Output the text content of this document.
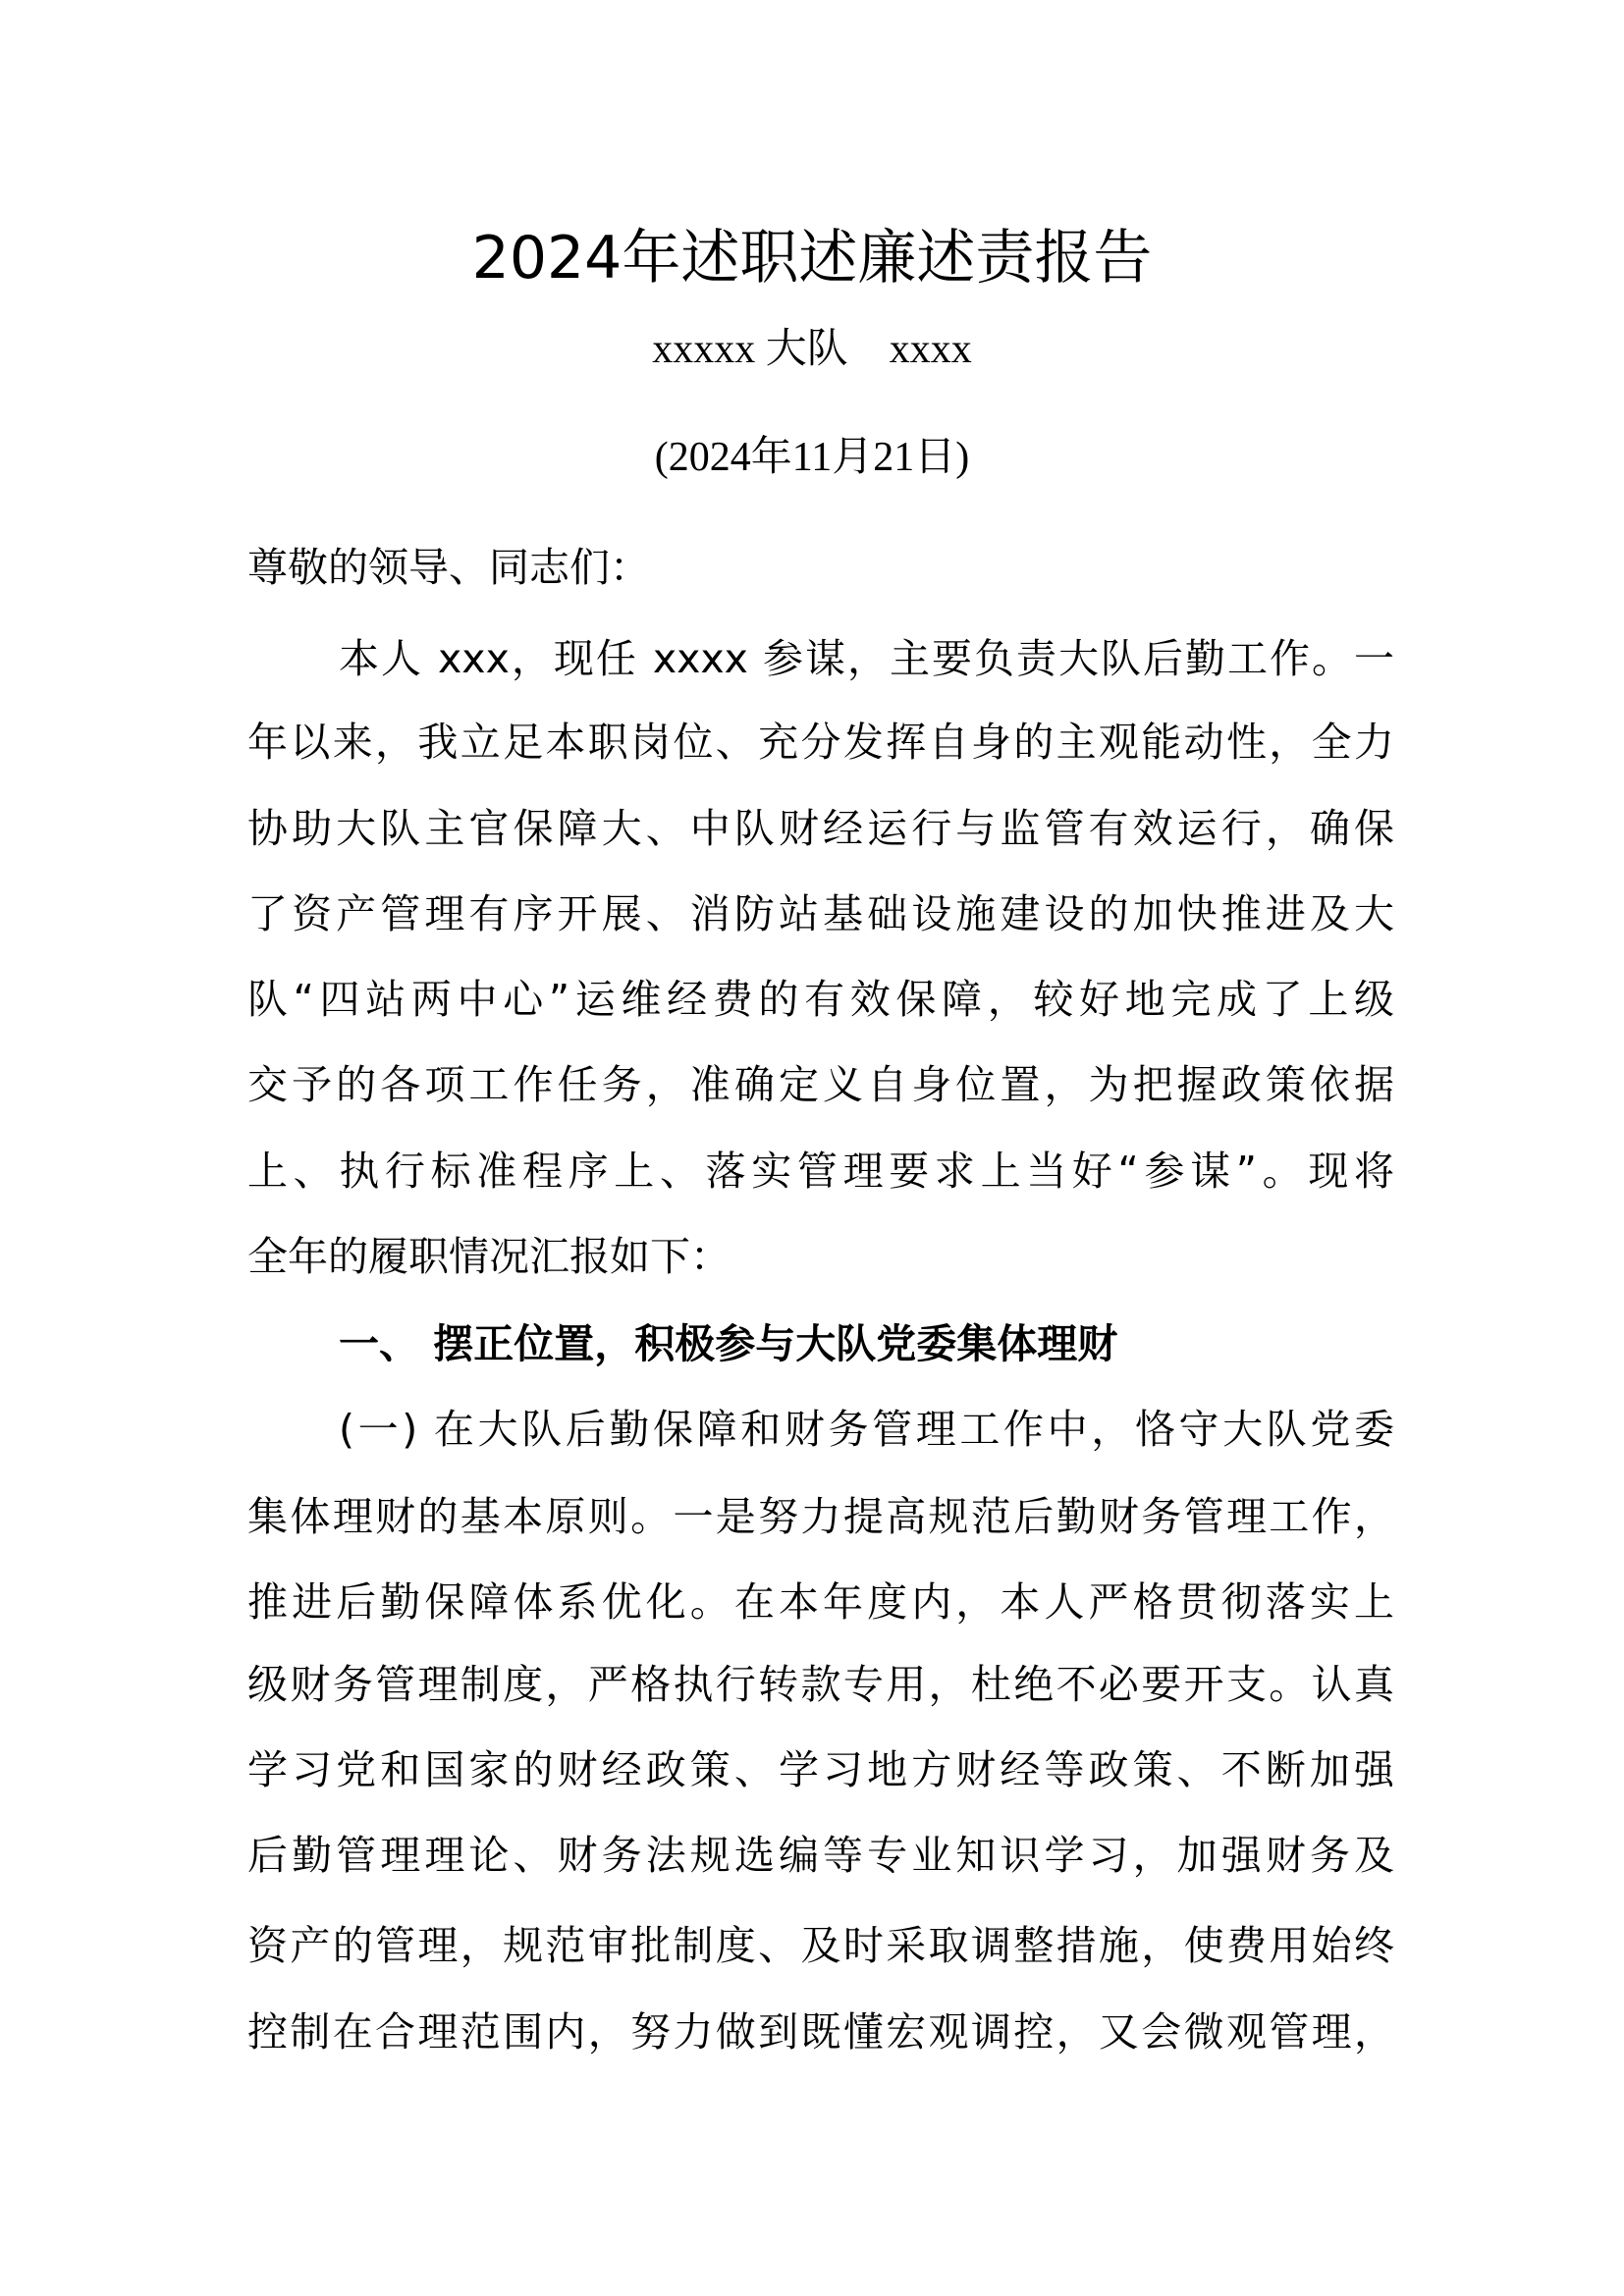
2024年述职述廉述责报告
xxxxx 大队　xxxx
(2024年11月21日)
尊敬的领导、同志们：
本人 xxx，现任 xxxx 参谋，主要负责大队后勤工作。一
年以来，我立足本职岗位、充分发挥自身的主观能动性，全力
协助大队主官保障大、中队财经运行与监管有效运行，确保
了资产管理有序开展、消防站基础设施建设的加快推进及大
队“四站两中心”运维经费的有效保障，较好地完成了上级
交予的各项工作任务，准确定义自身位置，为把握政策依据
上、执行标准程序上、落实管理要求上当好“参谋”。现将
全年的履职情况汇报如下：
一、 摆正位置，积极参与大队党委集体理财
(一) 在大队后勤保障和财务管理工作中，恪守大队党委
集体理财的基本原则。一是努力提高规范后勤财务管理工作，
推进后勤保障体系优化。在本年度内，本人严格贯彻落实上
级财务管理制度，严格执行转款专用，杜绝不必要开支。认真
学习党和国家的财经政策、学习地方财经等政策、不断加强
后勤管理理论、财务法规选编等专业知识学习，加强财务及
资产的管理，规范审批制度、及时采取调整措施，使费用始终
控制在合理范围内，努力做到既懂宏观调控，又会微观管理，
